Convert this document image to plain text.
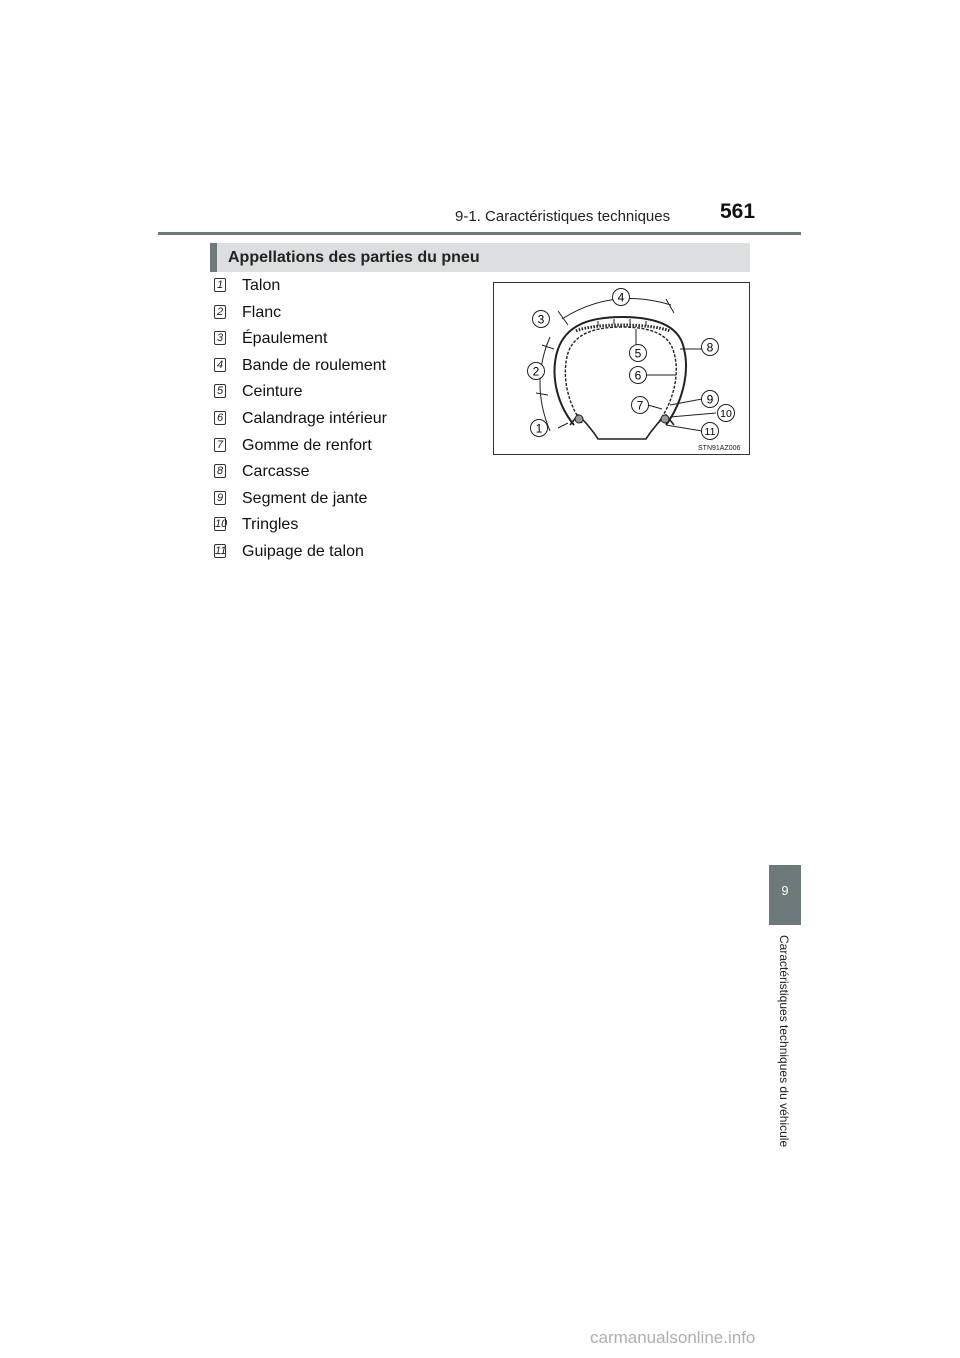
9-1. Caractéristiques techniques 561
Appellations des parties du pneu
1 Talon
2 Flanc
3 Épaulement
4 Bande de roulement
5 Ceinture
6 Calandrage intérieur
7 Gomme de renfort
8 Carcasse
9 Segment de jante
10 Tringles
11 Guipage de talon
1
2
3
4
5
6
7
8
9
10
11
STN91AZ006
9
Caractéristiques techniques du véhicule
carmanualsonline.info
